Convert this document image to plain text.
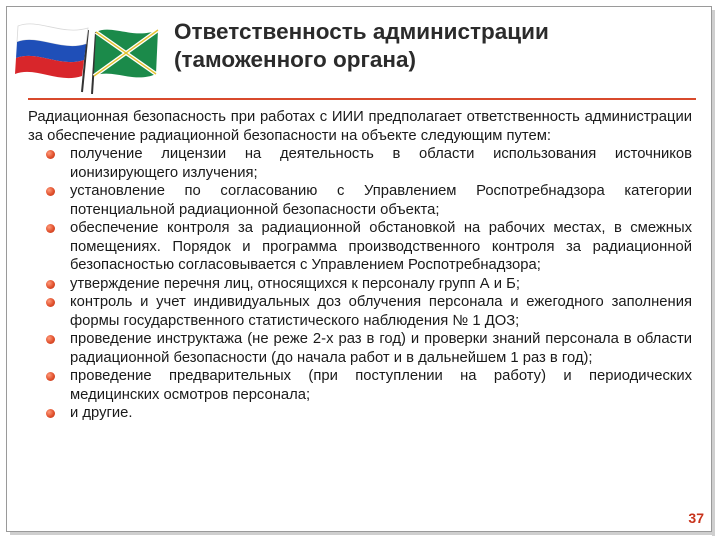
Ответственность администрации
(таможенного органа)

Радиационная безопасность при работах с ИИИ предполагает ответственность администрации за обеспечение радиационной безопасности на объекте следующим путем:

получение лицензии на деятельность в области использования источников ионизирующего излучения;
установление по согласованию с Управлением Роспотребнадзора категории потенциальной радиационной безопасности объекта;
обеспечение контроля за радиационной обстановкой на рабочих местах, в смежных помещениях. Порядок и программа производственного контроля за радиационной безопасностью согласовывается с Управлением Роспотребнадзора;
утверждение перечня лиц, относящихся к персоналу групп А и Б;
контроль и учет индивидуальных доз облучения персонала и ежегодного заполнения формы государственного статистического наблюдения № 1 ДОЗ;
проведение инструктажа (не реже 2-х раз в год) и проверки знаний персонала в области радиационной безопасности (до начала работ и в дальнейшем 1 раз в год);
проведение предварительных (при поступлении на работу) и периодических медицинских осмотров персонала;
и другие.
37
